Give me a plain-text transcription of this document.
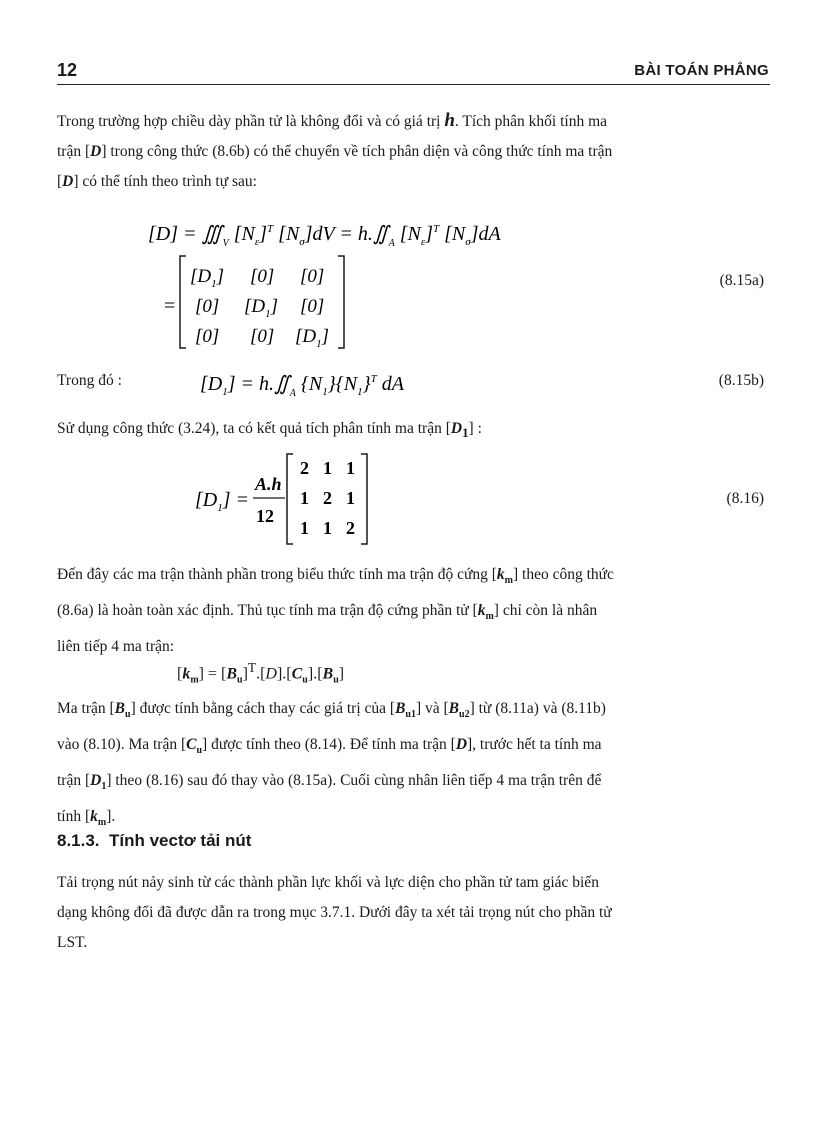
12	BÀI TOÁN PHẲNG
Trong trường hợp chiều dày phần tử là không đổi và có giá trị h. Tích phân khối tính ma
trận [D] trong công thức (8.6b) có thể chuyển về tích phân diện và công thức tính ma trận
[D] có thể tính theo trình tự sau:
$[D] = ∭_V$ $[N_\varepsilon]^T$ $[N_\sigma]dV$ = $h.∬_A$ $[N_\varepsilon]^T$ $[N_\sigma]dA$
=
$[D_1]$ [0] [0]
[0] $[D_1]$ [0]
[0] [0] $[D_1]$
(8.15a)
Trong đó :	$[D_1]$ = $h.∬_A$ $\{N_1\}\{N_1\}^T$ dA	(8.15b)
Sử dụng công thức (3.24), ta có kết quả tích phân tính ma trận $[D_1]$ :
$[D_1]$ =
A.h
12
2 1 1
1 2 1
1 1 2
(8.16)
Đến đây các ma trận thành phần trong biểu thức tính ma trận độ cứng $[k_m]$ theo công thức
(8.6a) là hoàn toàn xác định. Thủ tục tính ma trận độ cứng phần tử $[k_m]$ chỉ còn là nhân
liên tiếp 4 ma trận:
$[k_m] = [B_u]^T.[D].[C_u].[B_u]$
Ma trận $[B_u]$ được tính bằng cách thay các giá trị của $[B_{u1}]$ và $[B_{u2}]$ từ (8.11a) và (8.11b)
vào (8.10). Ma trận $[C_u]$ được tính theo (8.14). Để tính ma trận [D], trước hết ta tính ma
trận $[D_1]$ theo (8.16) sau đó thay vào (8.15a). Cuối cùng nhân liên tiếp 4 ma trận trên để
tính $[k_m]$.
8.1.3. Tính vectơ tải nút
Tải trọng nút nảy sinh từ các thành phần lực khối và lực diện cho phần tử tam giác biến
dạng không đổi đã được dẫn ra trong mục 3.7.1. Dưới đây ta xét tải trọng nút cho phần tử
LST.
